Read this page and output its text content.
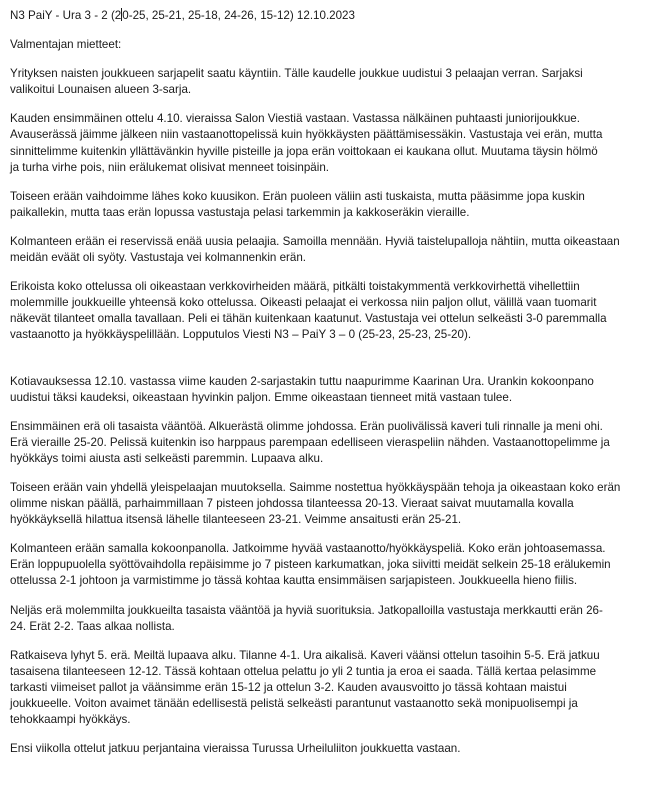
N3 PaiY - Ura 3 - 2 (20-25, 25-21, 25-18, 24-26, 15-12) 12.10.2023
Valmentajan mietteet:
Yrityksen naisten joukkueen sarjapelit saatu käyntiin. Tälle kaudelle joukkue uudistui 3 pelaajan verran. Sarjaksi
valikoitui Lounaisen alueen 3-sarja.
Kauden ensimmäinen ottelu 4.10. vieraissa Salon Viestiä vastaan. Vastassa nälkäinen puhtaasti juniorijoukkue.
Avauserässä jäimme jälkeen niin vastaanottopelissä kuin hyökkäysten päättämisessäkin. Vastustaja vei erän, mutta
sinnittelimme kuitenkin yllättävänkin hyville pisteille ja jopa erän voittokaan ei kaukana ollut. Muutama täysin hölmö
ja turha virhe pois, niin erälukemat olisivat menneet toisinpäin.
Toiseen erään vaihdoimme lähes koko kuusikon. Erän puoleen väliin asti tuskaista, mutta pääsimme jopa kuskin
paikallekin, mutta taas erän lopussa vastustaja pelasi tarkemmin ja kakkoseräkin vieraille.
Kolmanteen erään ei reservissä enää uusia pelaajia. Samoilla mennään. Hyviä taistelupalloja nähtiin, mutta oikeastaan
meidän eväät oli syöty. Vastustaja vei kolmannenkin erän.
Erikoista koko ottelussa oli oikeastaan verkkovirheiden määrä, pitkälti toistakymmentä verkkovirhettä vihellettiin
molemmille joukkueille yhteensä koko ottelussa. Oikeasti pelaajat ei verkossa niin paljon ollut, välillä vaan tuomarit
näkevät tilanteet omalla tavallaan. Peli ei tähän kuitenkaan kaatunut. Vastustaja vei ottelun selkeästi 3-0 paremmalla
vastaanotto ja hyökkäyspelillään. Lopputulos Viesti N3 – PaiY 3 – 0 (25-23, 25-23, 25-20).
Kotiavauksessa 12.10. vastassa viime kauden 2-sarjastakin tuttu naapurimme Kaarinan Ura. Urankin kokoonpano
uudistui täksi kaudeksi, oikeastaan hyvinkin paljon. Emme oikeastaan tienneet mitä vastaan tulee.
Ensimmäinen erä oli tasaista vääntöä. Alkuerästä olimme johdossa. Erän puolivälissä kaveri tuli rinnalle ja meni ohi.
Erä vieraille 25-20. Pelissä kuitenkin iso harppaus parempaan edelliseen vieraspeliin nähden. Vastaanottopelimme ja
hyökkäys toimi aiusta asti selkeästi paremmin. Lupaava alku.
Toiseen erään vain yhdellä yleispelaajan muutoksella. Saimme nostettua hyökkäyspään tehoja ja oikeastaan koko erän
olimme niskan päällä, parhaimmillaan 7 pisteen johdossa tilanteessa 20-13. Vieraat saivat muutamalla kovalla
hyökkäyksellä hilattua itsensä lähelle tilanteeseen 23-21. Veimme ansaitusti erän 25-21.
Kolmanteen erään samalla kokoonpanolla. Jatkoimme hyvää vastaanotto/hyökkäyspeliä. Koko erän johtoasemassa.
Erän loppupuolella syöttövaihdolla repäisimme jo 7 pisteen karkumatkan, joka siivitti meidät selkein 25-18 erälukemin
ottelussa 2-1 johtoon ja varmistimme jo tässä kohtaa kautta ensimmäisen sarjapisteen. Joukkueella hieno fiilis.
Neljäs erä molemmilta joukkueilta tasaista vääntöä ja hyviä suorituksia. Jatkopalloilla vastustaja merkkautti erän 26-
24. Erät 2-2. Taas alkaa nollista.
Ratkaiseva lyhyt 5. erä. Meiltä lupaava alku. Tilanne 4-1. Ura aikalisä. Kaveri väänsi ottelun tasoihin 5-5. Erä jatkuu
tasaisena tilanteeseen 12-12. Tässä kohtaan ottelua pelattu jo yli 2 tuntia ja eroa ei saada. Tällä kertaa pelasimme
tarkasti viimeiset pallot ja väänsimme erän 15-12 ja ottelun 3-2. Kauden avausvoitto jo tässä kohtaan maistui
joukkueelle. Voiton avaimet tänään edellisestä pelistä selkeästi parantunut vastaanotto sekä monipuolisempi ja
tehokkaampi hyökkäys.
Ensi viikolla ottelut jatkuu perjantaina vieraissa Turussa Urheiluliiton joukkuetta vastaan.
